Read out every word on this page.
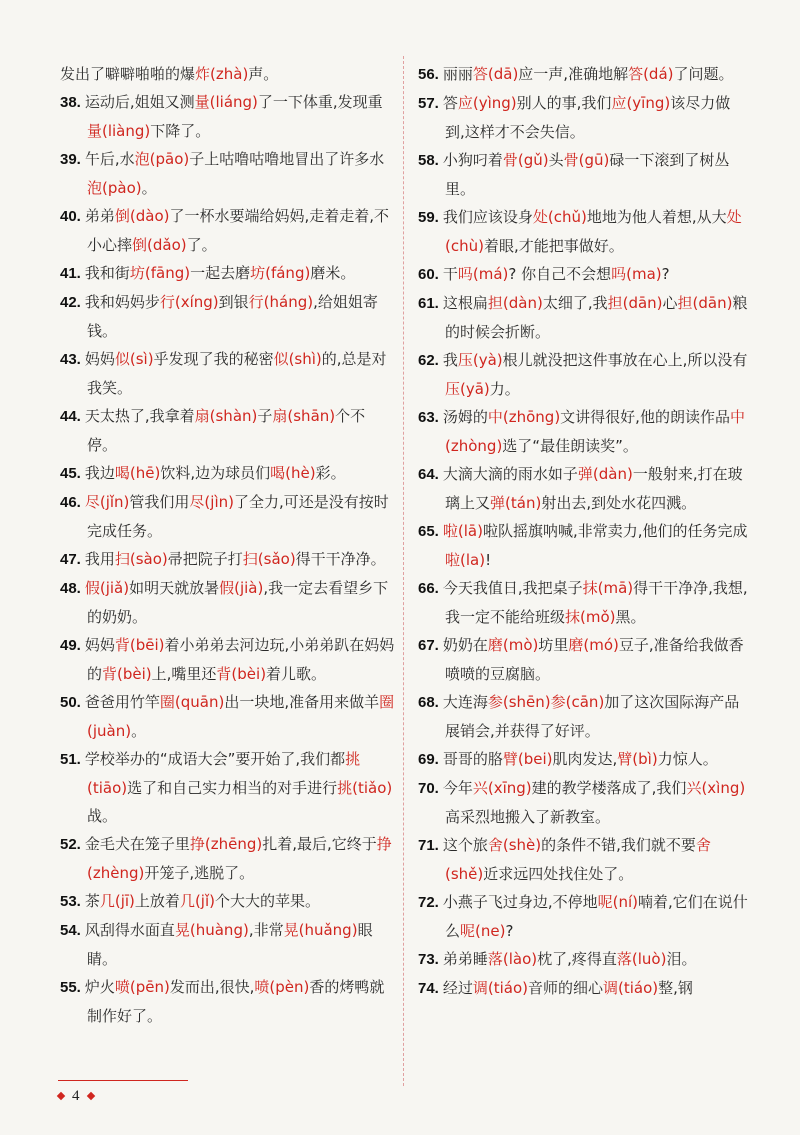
发出了噼噼啪啪的爆炸(zhà)声。

38. 运动后,姐姐又测量(liáng)了一下体重,发现重量(liàng)下降了。

39. 午后,水泡(pāo)子上咕噜咕噜地冒出了许多水泡(pào)。

40. 弟弟倒(dào)了一杯水要端给妈妈,走着走着,不小心摔倒(dǎo)了。

41. 我和街坊(fāng)一起去磨坊(fáng)磨米。

42. 我和妈妈步行(xíng)到银行(háng),给姐姐寄钱。

43. 妈妈似(sì)乎发现了我的秘密似(shì)的,总是对我笑。

44. 天太热了,我拿着扇(shàn)子扇(shān)个不停。

45. 我边喝(hē)饮料,边为球员们喝(hè)彩。

46. 尽(jǐn)管我们用尽(jìn)了全力,可还是没有按时完成任务。

47. 我用扫(sào)帚把院子打扫(sǎo)得干干净净。

48. 假(jiǎ)如明天就放暑假(jià),我一定去看望乡下的奶奶。

49. 妈妈背(bēi)着小弟弟去河边玩,小弟弟趴在妈妈的背(bèi)上,嘴里还背(bèi)着儿歌。

50. 爸爸用竹竿圈(quān)出一块地,准备用来做羊圈(juàn)。

51. 学校举办的“成语大会”要开始了,我们都挑(tiāo)选了和自己实力相当的对手进行挑(tiǎo)战。

52. 金毛犬在笼子里挣(zhēng)扎着,最后,它终于挣(zhèng)开笼子,逃脱了。

53. 茶几(jī)上放着几(jǐ)个大大的苹果。

54. 风刮得水面直晃(huàng),非常晃(huǎng)眼睛。

55. 炉火喷(pēn)发而出,很快,喷(pèn)香的烤鸭就制作好了。

56. 丽丽答(dā)应一声,准确地解答(dá)了问题。

57. 答应(yìng)别人的事,我们应(yīng)该尽力做到,这样才不会失信。

58. 小狗叼着骨(gǔ)头骨(gū)碌一下滚到了树丛里。

59. 我们应该设身处(chǔ)地地为他人着想,从大处(chù)着眼,才能把事做好。

60. 干吗(má)? 你自己不会想吗(ma)?

61. 这根扁担(dàn)太细了,我担(dān)心担(dān)粮的时候会折断。

62. 我压(yà)根儿就没把这件事放在心上,所以没有压(yā)力。

63. 汤姆的中(zhōng)文讲得很好,他的朗读作品中(zhòng)选了“最佳朗读奖”。

64. 大滴大滴的雨水如子弹(dàn)一般射来,打在玻璃上又弹(tán)射出去,到处水花四溅。

65. 啦(lā)啦队摇旗呐喊,非常卖力,他们的任务完成啦(la)!

66. 今天我值日,我把桌子抹(mā)得干干净净,我想,我一定不能给班级抹(mǒ)黑。

67. 奶奶在磨(mò)坊里磨(mó)豆子,准备给我做香喷喷的豆腐脑。

68. 大连海参(shēn)参(cān)加了这次国际海产品展销会,并获得了好评。

69. 哥哥的胳臂(bei)肌肉发达,臂(bì)力惊人。

70. 今年兴(xīng)建的教学楼落成了,我们兴(xìng)高采烈地搬入了新教室。

71. 这个旅舍(shè)的条件不错,我们就不要舍(shě)近求远四处找住处了。

72. 小燕子飞过身边,不停地呢(ní)喃着,它们在说什么呢(ne)?

73. 弟弟睡落(lào)枕了,疼得直落(luò)泪。

74. 经过调(tiáo)音师的细心调(tiáo)整,钢

4
